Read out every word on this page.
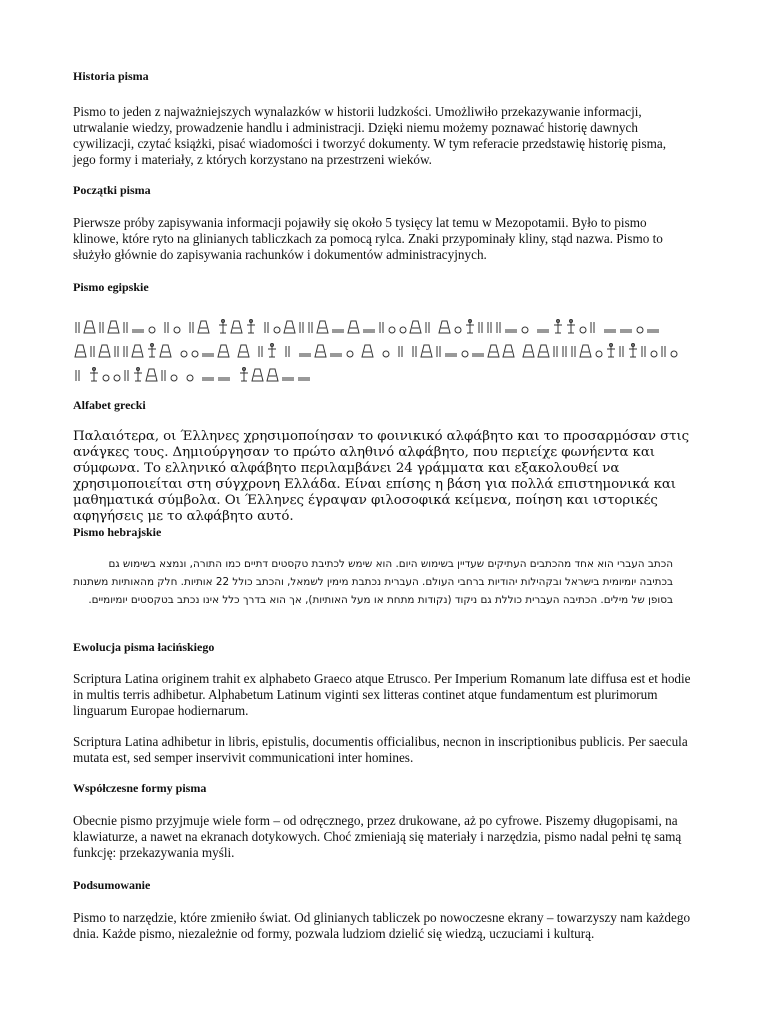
Historia pisma

Pismo to jeden z najważniejszych wynalazków w historii ludzkości. Umożliwiło przekazywanie informacji, utrwalanie wiedzy, prowadzenie handlu i administracji. Dzięki niemu możemy poznawać historię dawnych cywilizacji, czytać książki, pisać wiadomości i tworzyć dokumenty. W tym referacie przedstawię historię pisma, jego formy i materiały, z których korzystano na przestrzeni wieków.

Początki pisma

Pierwsze próby zapisywania informacji pojawiły się około 5 tysięcy lat temu w Mezopotamii. Było to pismo klinowe, które ryto na glinianych tabliczkach za pomocą rylca. Znaki przypominały kliny, stąd nazwa. Pismo to służyło głównie do zapisywania rachunków i dokumentów administracyjnych.

Pismo egipskie
Alfabet grecki

Παλαιότερα, οι Έλληνες χρησιμοποίησαν το φοινικικό αλφάβητο και το προσαρμόσαν στις ανάγκες τους. Δημιούργησαν το πρώτο αληθινό αλφάβητο, που περιείχε φωνήεντα και σύμφωνα. Το ελληνικό αλφάβητο περιλαμβάνει 24 γράμματα και εξακολουθεί να χρησιμοποιείται στη σύγχρονη Ελλάδα. Είναι επίσης η βάση για πολλά επιστημονικά και μαθηματικά σύμβολα. Οι Έλληνες έγραψαν φιλοσοφικά κείμενα, ποίηση και ιστορικές αφηγήσεις με το αλφάβητο αυτό.

Pismo hebrajskie

הכתב העברי הוא אחד מהכתבים העתיקים שעדיין בשימוש היום. הוא שימש לכתיבת טקסטים דתיים כמו התורה, ונמצא בשימוש גם בכתיבה יומיומית בישראל ובקהילות יהודיות ברחבי העולם. העברית נכתבת מימין לשמאל, והכתב כולל 22 אותיות. חלק מהאותיות משתנות בסופן של מילים. הכתיבה העברית כוללת גם ניקוד (נקודות מתחת או מעל האותיות), אך הוא בדרך כלל אינו נכתב בטקסטים יומיומיים.

Ewolucja pisma łacińskiego

Scriptura Latina originem trahit ex alphabeto Graeco atque Etrusco. Per Imperium Romanum late diffusa est et hodie in multis terris adhibetur. Alphabetum Latinum viginti sex litteras continet atque fundamentum est plurimorum linguarum Europae hodiernarum.

Scriptura Latina adhibetur in libris, epistulis, documentis officialibus, necnon in inscriptionibus publicis. Per saecula mutata est, sed semper inservivit communicationi inter homines.

Współczesne formy pisma

Obecnie pismo przyjmuje wiele form – od odręcznego, przez drukowane, aż po cyfrowe. Piszemy długopisami, na klawiaturze, a nawet na ekranach dotykowych. Choć zmieniają się materiały i narzędzia, pismo nadal pełni tę samą funkcję: przekazywania myśli.

Podsumowanie

Pismo to narzędzie, które zmieniło świat. Od glinianych tabliczek po nowoczesne ekrany – towarzyszy nam każdego dnia. Każde pismo, niezależnie od formy, pozwala ludziom dzielić się wiedzą, uczuciami i kulturą.
